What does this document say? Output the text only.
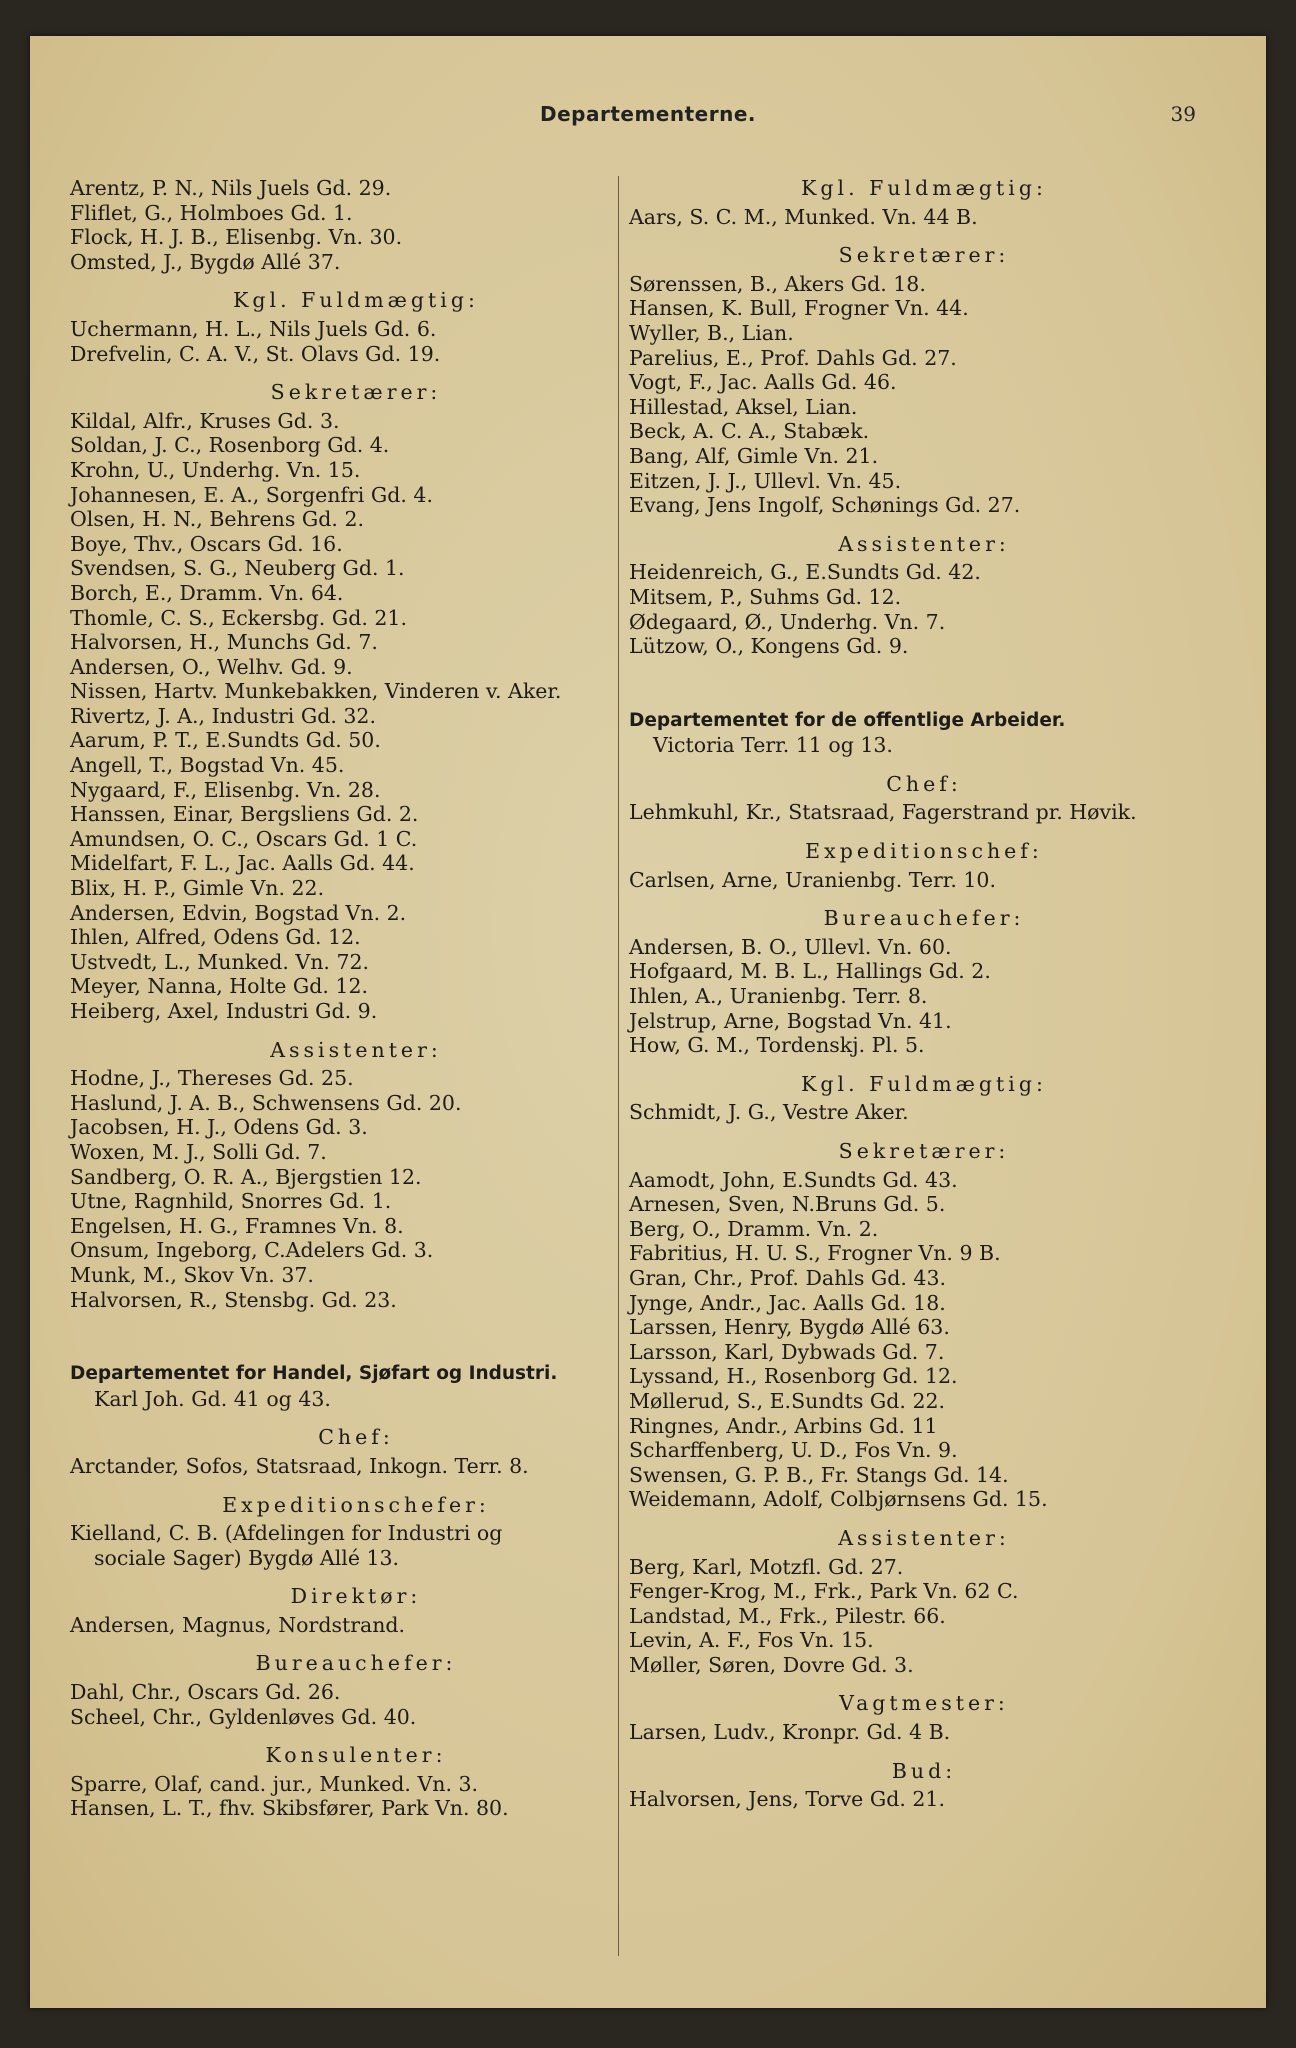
Departementerne.	39
Arentz, P. N., Nils Juels Gd. 29.
Fliflet, G., Holmboes Gd. 1.
Flock, H. J. B., Elisenbg. Vn. 30.
Omsted, J., Bygdø Allé 37.
Kgl. Fuldmægtig:
Uchermann, H. L., Nils Juels Gd. 6.
Drefvelin, C. A. V., St. Olavs Gd. 19.
Sekretærer:
Kildal, Alfr., Kruses Gd. 3.
Soldan, J. C., Rosenborg Gd. 4.
Krohn, U., Underhg. Vn. 15.
Johannesen, E. A., Sorgenfri Gd. 4.
Olsen, H. N., Behrens Gd. 2.
Boye, Thv., Oscars Gd. 16.
Svendsen, S. G., Neuberg Gd. 1.
Borch, E., Dramm. Vn. 64.
Thomle, C. S., Eckersbg. Gd. 21.
Halvorsen, H., Munchs Gd. 7.
Andersen, O., Welhv. Gd. 9.
Nissen, Hartv. Munkebakken, Vinderen v. Aker.
Rivertz, J. A., Industri Gd. 32.
Aarum, P. T., E.Sundts Gd. 50.
Angell, T., Bogstad Vn. 45.
Nygaard, F., Elisenbg. Vn. 28.
Hanssen, Einar, Bergsliens Gd. 2.
Amundsen, O. C., Oscars Gd. 1 C.
Midelfart, F. L., Jac. Aalls Gd. 44.
Blix, H. P., Gimle Vn. 22.
Andersen, Edvin, Bogstad Vn. 2.
Ihlen, Alfred, Odens Gd. 12.
Ustvedt, L., Munked. Vn. 72.
Meyer, Nanna, Holte Gd. 12.
Heiberg, Axel, Industri Gd. 9.
Assistenter:
Hodne, J., Thereses Gd. 25.
Haslund, J. A. B., Schwensens Gd. 20.
Jacobsen, H. J., Odens Gd. 3.
Woxen, M. J., Solli Gd. 7.
Sandberg, O. R. A., Bjergstien 12.
Utne, Ragnhild, Snorres Gd. 1.
Engelsen, H. G., Framnes Vn. 8.
Onsum, Ingeborg, C.Adelers Gd. 3.
Munk, M., Skov Vn. 37.
Halvorsen, R., Stensbg. Gd. 23.
Departementet for Handel, Sjøfart og Industri.
Karl Joh. Gd. 41 og 43.
Chef:
Arctander, Sofos, Statsraad, Inkogn. Terr. 8.
Expeditionschefer:
Kielland, C. B. (Afdelingen for Industri og
sociale Sager) Bygdø Allé 13.
Direktør:
Andersen, Magnus, Nordstrand.
Bureauchefer:
Dahl, Chr., Oscars Gd. 26.
Scheel, Chr., Gyldenløves Gd. 40.
Konsulenter:
Sparre, Olaf, cand. jur., Munked. Vn. 3.
Hansen, L. T., fhv. Skibsfører, Park Vn. 80.
Kgl. Fuldmægtig:
Aars, S. C. M., Munked. Vn. 44 B.
Sekretærer:
Sørenssen, B., Akers Gd. 18.
Hansen, K. Bull, Frogner Vn. 44.
Wyller, B., Lian.
Parelius, E., Prof. Dahls Gd. 27.
Vogt, F., Jac. Aalls Gd. 46.
Hillestad, Aksel, Lian.
Beck, A. C. A., Stabæk.
Bang, Alf, Gimle Vn. 21.
Eitzen, J. J., Ullevl. Vn. 45.
Evang, Jens Ingolf, Schønings Gd. 27.
Assistenter:
Heidenreich, G., E.Sundts Gd. 42.
Mitsem, P., Suhms Gd. 12.
Ødegaard, Ø., Underhg. Vn. 7.
Lützow, O., Kongens Gd. 9.
Departementet for de offentlige Arbeider.
Victoria Terr. 11 og 13.
Chef:
Lehmkuhl, Kr., Statsraad, Fagerstrand pr. Høvik.
Expeditionschef:
Carlsen, Arne, Uranienbg. Terr. 10.
Bureauchefer:
Andersen, B. O., Ullevl. Vn. 60.
Hofgaard, M. B. L., Hallings Gd. 2.
Ihlen, A., Uranienbg. Terr. 8.
Jelstrup, Arne, Bogstad Vn. 41.
How, G. M., Tordenskj. Pl. 5.
Kgl. Fuldmægtig:
Schmidt, J. G., Vestre Aker.
Sekretærer:
Aamodt, John, E.Sundts Gd. 43.
Arnesen, Sven, N.Bruns Gd. 5.
Berg, O., Dramm. Vn. 2.
Fabritius, H. U. S., Frogner Vn. 9 B.
Gran, Chr., Prof. Dahls Gd. 43.
Jynge, Andr., Jac. Aalls Gd. 18.
Larssen, Henry, Bygdø Allé 63.
Larsson, Karl, Dybwads Gd. 7.
Lyssand, H., Rosenborg Gd. 12.
Møllerud, S., E.Sundts Gd. 22.
Ringnes, Andr., Arbins Gd. 11
Scharffenberg, U. D., Fos Vn. 9.
Swensen, G. P. B., Fr. Stangs Gd. 14.
Weidemann, Adolf, Colbjørnsens Gd. 15.
Assistenter:
Berg, Karl, Motzfl. Gd. 27.
Fenger-Krog, M., Frk., Park Vn. 62 C.
Landstad, M., Frk., Pilestr. 66.
Levin, A. F., Fos Vn. 15.
Møller, Søren, Dovre Gd. 3.
Vagtmester:
Larsen, Ludv., Kronpr. Gd. 4 B.
Bud:
Halvorsen, Jens, Torve Gd. 21.
